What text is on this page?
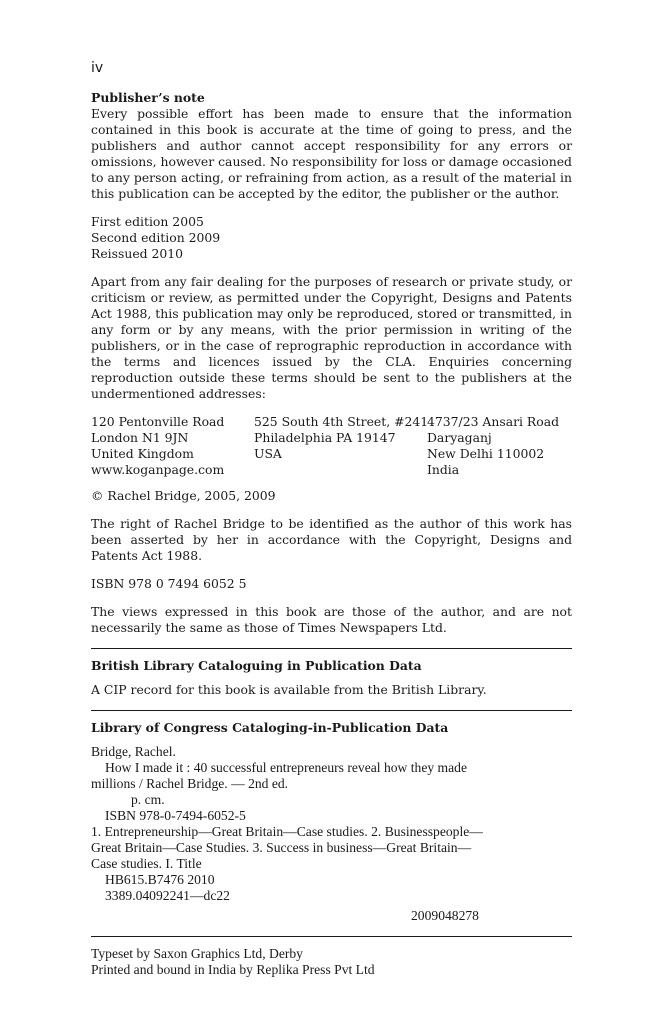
iv

Publisher’s note

Every possible effort has been made to ensure that the information contained in this book is accurate at the time of going to press, and the publishers and author cannot accept responsibility for any errors or omissions, however caused. No responsibility for loss or damage occasioned to any person acting, or refraining from action, as a result of the material in this publication can be accepted by the editor, the publisher or the author.

First edition 2005

Second edition 2009

Reissued 2010

Apart from any fair dealing for the purposes of research or private study, or criticism or review, as permitted under the Copyright, Designs and Patents Act 1988, this publication may only be reproduced, stored or transmitted, in any form or by any means, with the prior permission in writing of the publishers, or in the case of reprographic reproduction in accordance with the terms and licences issued by the CLA. Enquiries concerning reproduction outside these terms should be sent to the publishers at the undermentioned addresses:

120 Pentonville Road

London N1 9JN

United Kingdom

www.koganpage.com

525 South 4th Street, #241

Philadelphia PA 19147

USA

4737/23 Ansari Road

Daryaganj

New Delhi 110002

India

© Rachel Bridge, 2005, 2009

The right of Rachel Bridge to be identified as the author of this work has been asserted by her in accordance with the Copyright, Designs and Patents Act 1988.

ISBN 978 0 7494 6052 5

The views expressed in this book are those of the author, and are not necessarily the same as those of Times Newspapers Ltd.

British Library Cataloguing in Publication Data

A CIP record for this book is available from the British Library.

Library of Congress Cataloging-in-Publication Data

Bridge, Rachel.

How I made it : 40 successful entrepreneurs reveal how they made

millions / Rachel Bridge. — 2nd ed.

p. cm.

ISBN 978-0-7494-6052-5

1. Entrepreneurship—Great Britain—Case studies. 2. Businesspeople—

Great Britain—Case Studies. 3. Success in business—Great Britain—

Case studies. I. Title

HB615.B7476 2010

3389.04092241—dc22

2009048278

Typeset by Saxon Graphics Ltd, Derby

Printed and bound in India by Replika Press Pvt Ltd
